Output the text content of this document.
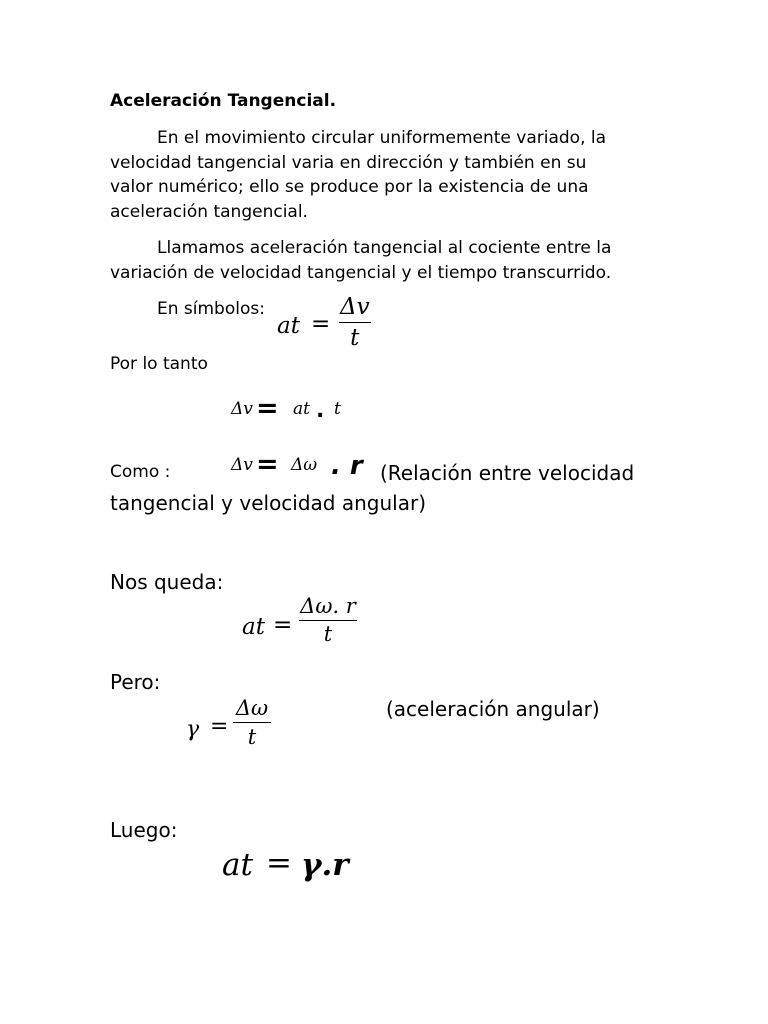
Aceleración Tangencial.
En el movimiento circular uniformemente variado, la
velocidad tangencial varia en dirección y también en su
valor numérico; ello se produce por la existencia de una
aceleración tangencial.
Llamamos aceleración tangencial al cociente entre la
variación de velocidad tangencial y el tiempo transcurrido.
En símbolos:
at =
Δv
t
Por lo tanto
Δv = at . t
Como :	Δv = Δω . r (Relación entre velocidad
tangencial y velocidad angular)
Nos queda:
at =
Δω. r
t
Pero:
γ =
Δω
t
(aceleración angular)
Luego:
at = γ.r
